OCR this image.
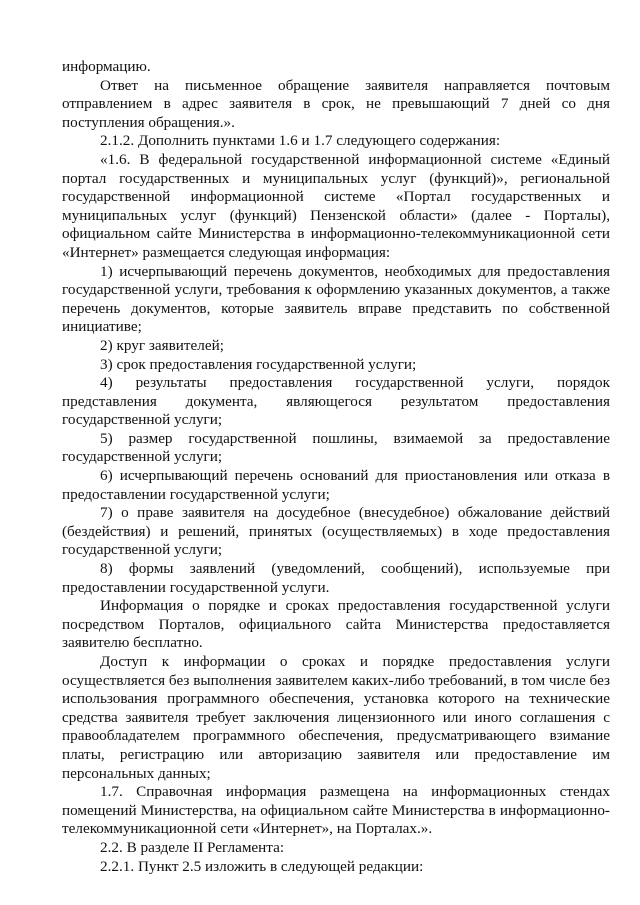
информацию.

Ответ на письменное обращение заявителя направляется почтовым отправлением в адрес заявителя в срок, не превышающий 7 дней со дня поступления обращения.».

2.1.2. Дополнить пунктами 1.6 и 1.7 следующего содержания:

«1.6. В федеральной государственной информационной системе «Единый портал государственных и муниципальных услуг (функций)», региональной государственной информационной системе «Портал государственных и муниципальных услуг (функций) Пензенской области» (далее - Порталы), официальном сайте Министерства в информационно-телекоммуникационной сети «Интернет» размещается следующая информация:

1) исчерпывающий перечень документов, необходимых для предоставления государственной услуги, требования к оформлению указанных документов, а также перечень документов, которые заявитель вправе представить по собственной инициативе;

2) круг заявителей;

3) срок предоставления государственной услуги;

4) результаты предоставления государственной услуги, порядок представления документа, являющегося результатом предоставления государственной услуги;

5) размер государственной пошлины, взимаемой за предоставление государственной услуги;

6) исчерпывающий перечень оснований для приостановления или отказа в предоставлении государственной услуги;

7) о праве заявителя на досудебное (внесудебное) обжалование действий (бездействия) и решений, принятых (осуществляемых) в ходе предоставления государственной услуги;

8) формы заявлений (уведомлений, сообщений), используемые при предоставлении государственной услуги.

Информация о порядке и сроках предоставления государственной услуги посредством Порталов, официального сайта Министерства предоставляется заявителю бесплатно.

Доступ к информации о сроках и порядке предоставления услуги осуществляется без выполнения заявителем каких-либо требований, в том числе без использования программного обеспечения, установка которого на технические средства заявителя требует заключения лицензионного или иного соглашения с правообладателем программного обеспечения, предусматривающего взимание платы, регистрацию или авторизацию заявителя или предоставление им персональных данных;

1.7. Справочная информация размещена на информационных стендах помещений Министерства, на официальном сайте Министерства в информационно-телекоммуникационной сети «Интернет», на Порталах.».

2.2. В разделе II Регламента:

2.2.1. Пункт 2.5 изложить в следующей редакции:
